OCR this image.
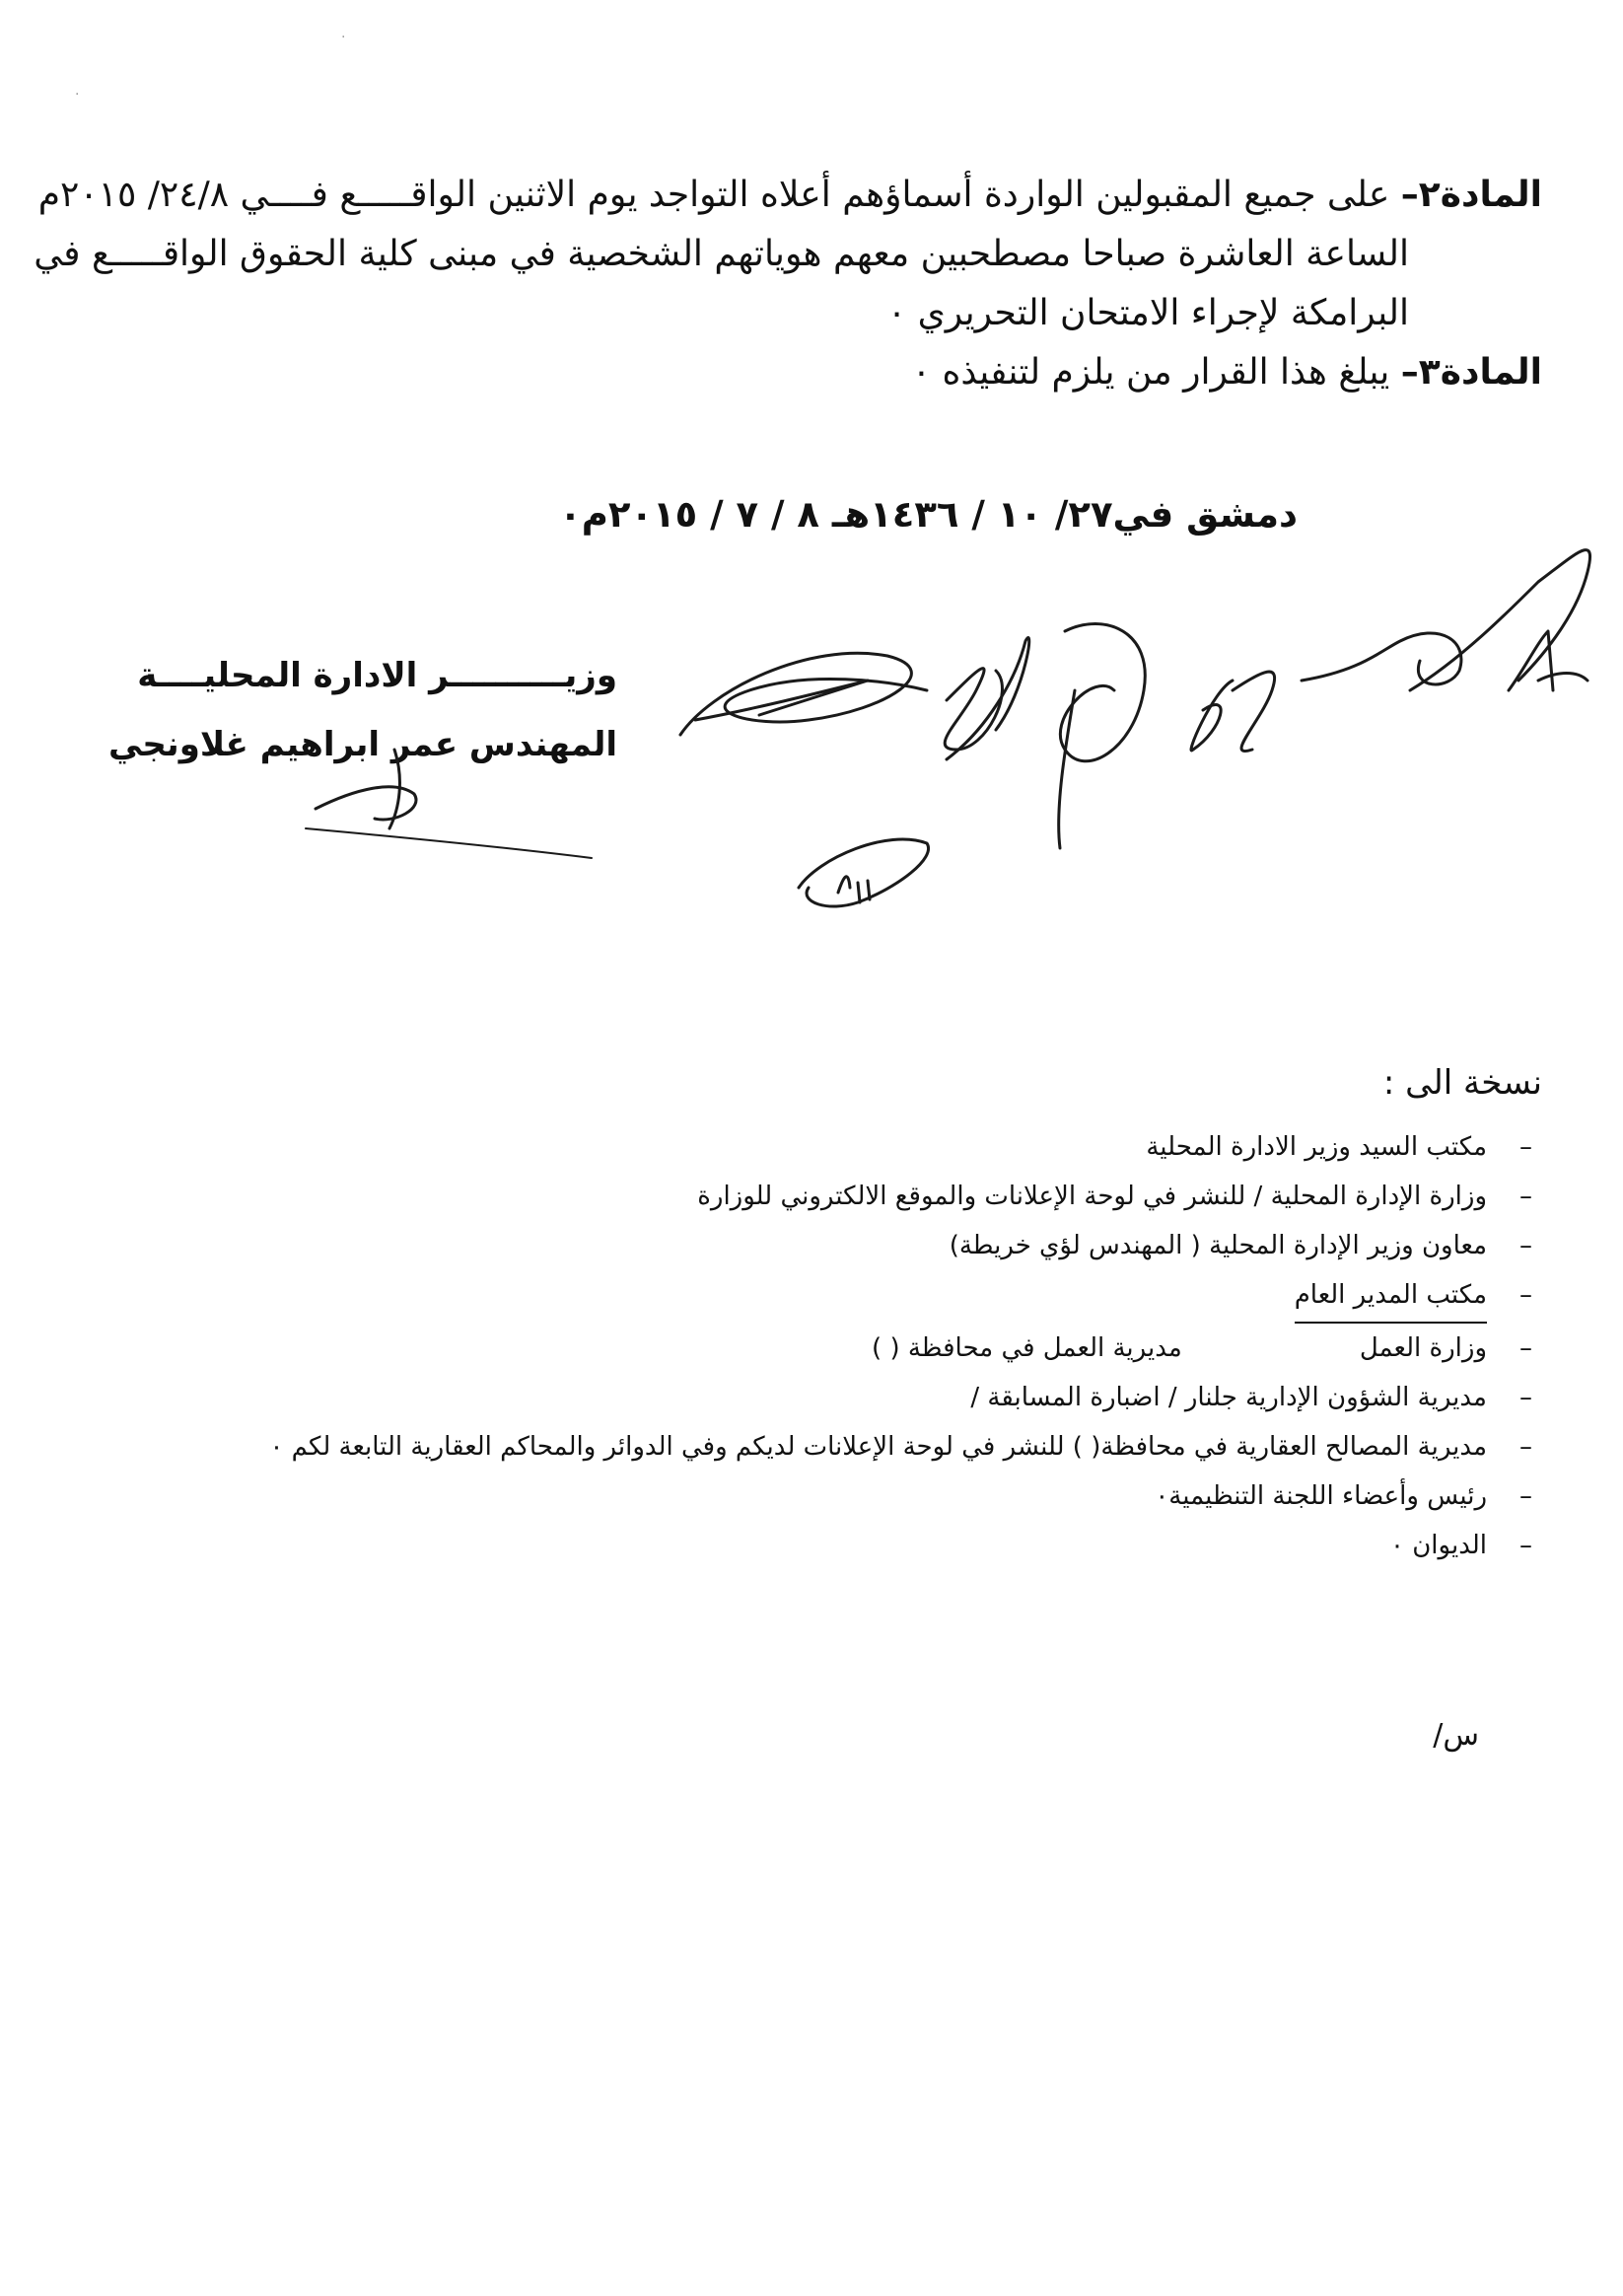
المادة٢– على جميع المقبولين الواردة أسماؤهم أعلاه التواجد يوم الاثنين الواقـــــع فــــي ٢٤/٨/ ٢٠١٥م
الساعة العاشرة صباحا مصطحبين معهم هوياتهم الشخصية في مبنى كلية الحقوق الواقـــــع في
البرامكة لإجراء الامتحان التحريري ٠
المادة٣– يبلغ هذا القرار من يلزم لتنفيذه ٠
دمشق في٢٧/ ١٠ / ١٤٣٦هـ ٨ / ٧ / ٢٠١٥م٠
وزيــــــــــر الادارة المحليــــة
المهندس عمر ابراهيم غلاونجي
نسخة الى :
–
مكتب السيد وزير الادارة المحلية
–
وزارة الإدارة المحلية / للنشر في لوحة الإعلانات والموقع الالكتروني للوزارة
–
معاون وزير الإدارة المحلية ( المهندس لؤي خريطة)
–
مكتب المدير العام
–
وزارة العمل
مديرية العمل في محافظة ( )
–
مديرية الشؤون الإدارية جلنار / اضبارة المسابقة /
–
مديرية المصالح العقارية في محافظة( ) للنشر في لوحة الإعلانات لديكم وفي الدوائر والمحاكم العقارية التابعة لكم ٠
–
رئيس وأعضاء اللجنة التنظيمية٠
–
الديوان ٠
س/
·
·
